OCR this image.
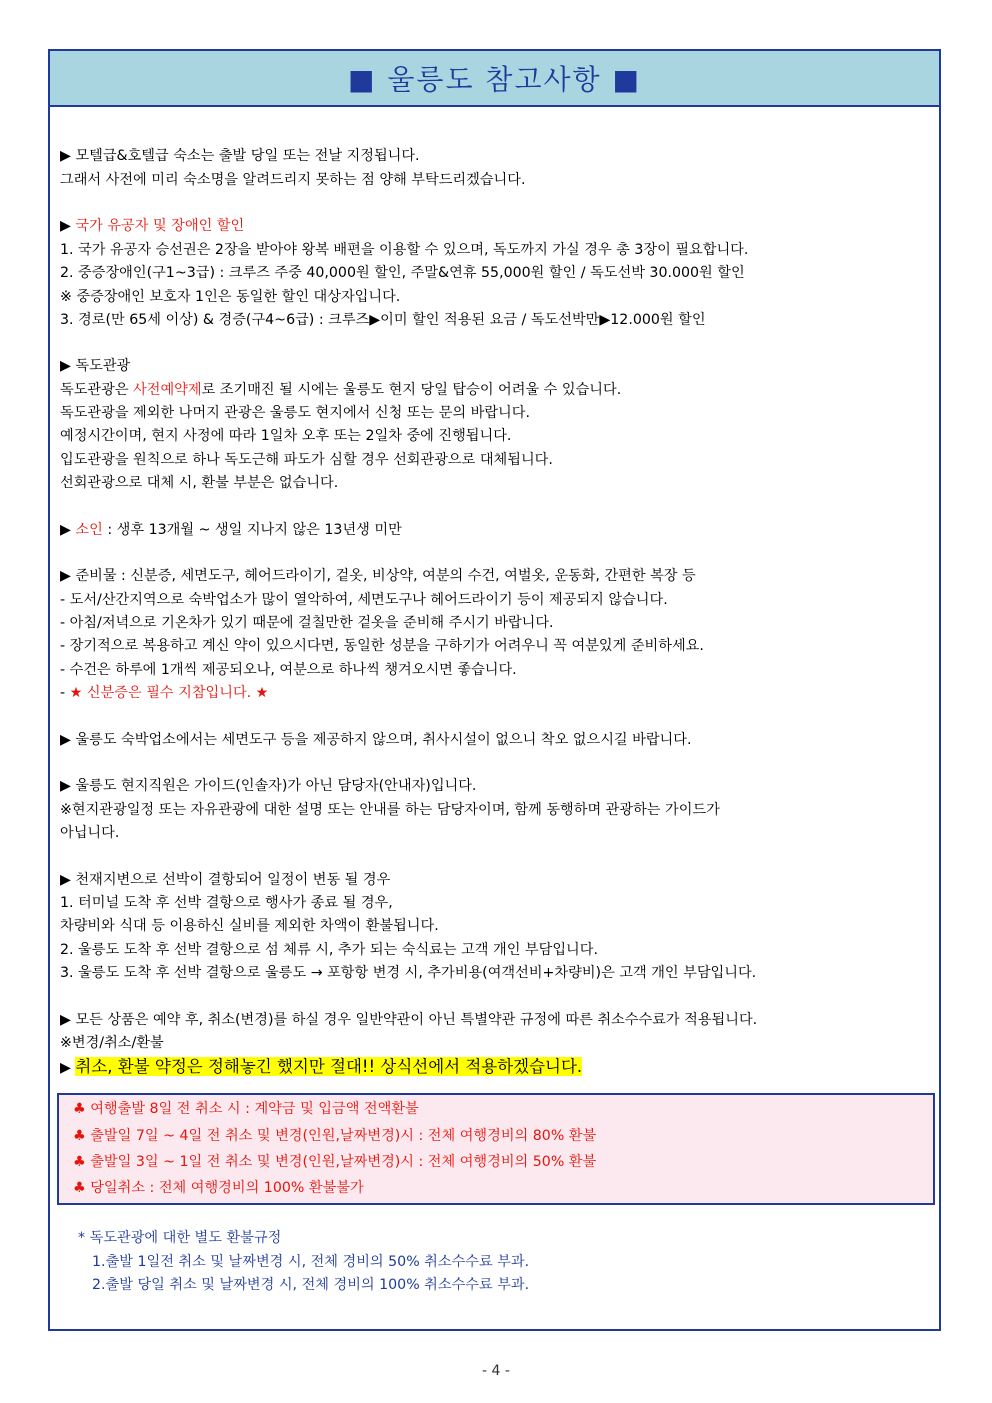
■ 울릉도 참고사항 ■
▶ 모텔급&호텔급 숙소는 출발 당일 또는 전날 지정됩니다.
그래서 사전에 미리 숙소명을 알려드리지 못하는 점 양해 부탁드리겠습니다.
▶ 국가 유공자 및 장애인 할인
1. 국가 유공자 승선권은 2장을 받아야 왕복 배편을 이용할 수 있으며, 독도까지 가실 경우 총 3장이 필요합니다.
2. 중증장애인(구1~3급) : 크루즈 주중 40,000원 할인, 주말&연휴 55,000원 할인 / 독도선박 30.000원 할인
※ 중증장애인 보호자 1인은 동일한 할인 대상자입니다.
3. 경로(만 65세 이상) & 경증(구4~6급) : 크루즈▶이미 할인 적용된 요금 / 독도선박만▶12.000원 할인
▶ 독도관광
독도관광은 사전예약제로 조기매진 될 시에는 울릉도 현지 당일 탑승이 어려울 수 있습니다.
독도관광을 제외한 나머지 관광은 울릉도 현지에서 신청 또는 문의 바랍니다.
예정시간이며, 현지 사정에 따라 1일차 오후 또는 2일차 중에 진행됩니다.
입도관광을 원칙으로 하나 독도근해 파도가 심할 경우 선회관광으로 대체됩니다.
선회관광으로 대체 시, 환불 부분은 없습니다.
▶ 소인 : 생후 13개월 ~ 생일 지나지 않은 13년생 미만
▶ 준비물 : 신분증, 세면도구, 헤어드라이기, 겉옷, 비상약, 여분의 수건, 여벌옷, 운동화, 간편한 복장 등
- 도서/산간지역으로 숙박업소가 많이 열악하여, 세면도구나 헤어드라이기 등이 제공되지 않습니다.
- 아침/저녁으로 기온차가 있기 때문에 걸칠만한 겉옷을 준비해 주시기 바랍니다.
- 장기적으로 복용하고 계신 약이 있으시다면, 동일한 성분을 구하기가 어려우니 꼭 여분있게 준비하세요.
- 수건은 하루에 1개씩 제공되오나, 여분으로 하나씩 챙겨오시면 좋습니다.
- ★ 신분증은 필수 지참입니다. ★
▶ 울릉도 숙박업소에서는 세면도구 등을 제공하지 않으며, 취사시설이 없으니 착오 없으시길 바랍니다.
▶ 울릉도 현지직원은 가이드(인솔자)가 아닌 담당자(안내자)입니다.
※현지관광일정 또는 자유관광에 대한 설명 또는 안내를 하는 담당자이며, 함께 동행하며 관광하는 가이드가
아닙니다.
▶ 천재지변으로 선박이 결항되어 일정이 변동 될 경우
1. 터미널 도착 후 선박 결항으로 행사가 종료 될 경우,
차량비와 식대 등 이용하신 실비를 제외한 차액이 환불됩니다.
2. 울릉도 도착 후 선박 결항으로 섬 체류 시, 추가 되는 숙식료는 고객 개인 부담입니다.
3. 울릉도 도착 후 선박 결항으로 울릉도 → 포항항 변경 시, 추가비용(여객선비+차량비)은 고객 개인 부담입니다.
▶ 모든 상품은 예약 후, 취소(변경)를 하실 경우 일반약관이 아닌 특별약관 규정에 따른 취소수수료가 적용됩니다.
※변경/취소/환불
▶ 취소, 환불 약정은 정해놓긴 했지만 절대!! 상식선에서 적용하겠습니다.
♣ 여행출발 8일 전 취소 시 : 계약금 및 입금액 전액환불
♣ 출발일 7일 ~ 4일 전 취소 및 변경(인원,날짜변경)시 : 전체 여행경비의 80% 환불
♣ 출발일 3일 ~ 1일 전 취소 및 변경(인원,날짜변경)시 : 전체 여행경비의 50% 환불
♣ 당일취소 : 전체 여행경비의 100% 환불불가
* 독도관광에 대한 별도 환불규정
1.출발 1일전 취소 및 날짜변경 시, 전체 경비의 50% 취소수수료 부과.
2.출발 당일 취소 및 날짜변경 시, 전체 경비의 100% 취소수수료 부과.
- 4 -
